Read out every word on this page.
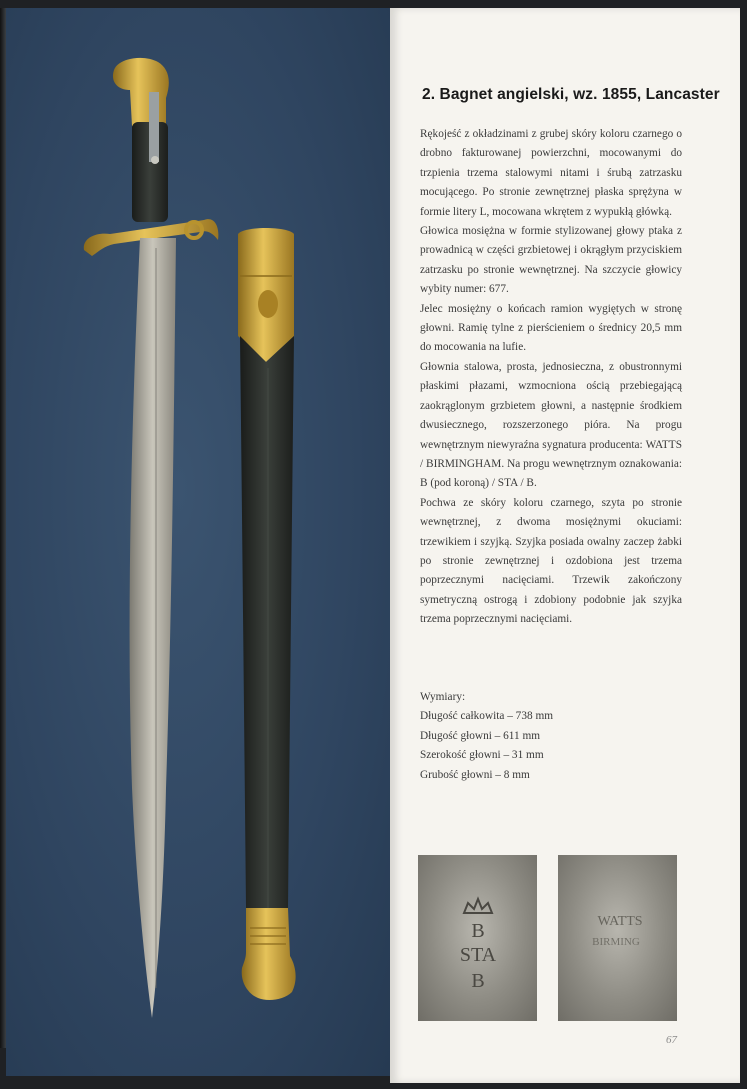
2. Bagnet angielski, wz. 1855, Lancaster

Rękojeść z okładzinami z grubej skóry koloru czarnego o drobno fakturowanej powierzchni, mocowanymi do trzpienia trzema stalowymi nitami i śrubą zatrzasku mocującego. Po stronie zewnętrznej płaska sprężyna w formie litery L, mocowana wkrętem z wypukłą główką.

Głowica mosiężna w formie stylizowanej głowy ptaka z prowadnicą w części grzbietowej i okrągłym przyciskiem zatrzasku po stronie wewnętrznej. Na szczycie głowicy wybity numer: 677.

Jelec mosiężny o końcach ramion wygiętych w stronę głowni. Ramię tylne z pierścieniem o średnicy 20,5 mm do mocowania na lufie.

Głownia stalowa, prosta, jednosieczna, z obustronnymi płaskimi płazami, wzmocniona ością przebiegającą zaokrąglonym grzbietem głowni, a następnie środkiem dwusiecznego, rozszerzonego pióra. Na progu wewnętrznym niewyraźna sygnatura producenta: WATTS / BIRMINGHAM. Na progu wewnętrznym oznakowania: B (pod koroną) / STA / B.

Pochwa ze skóry koloru czarnego, szyta po stronie wewnętrznej, z dwoma mosiężnymi okuciami: trzewikiem i szyjką. Szyjka posiada owalny zaczep żabki po stronie zewnętrznej i ozdobiona jest trzema poprzecznymi nacięciami. Trzewik zakończony symetryczną ostrogą i zdobiony podobnie jak szyjka trzema poprzecznymi nacięciami.

Wymiary:
Długość całkowita – 738 mm
Długość głowni – 611 mm
Szerokość głowni – 31 mm
Grubość głowni – 8 mm
B
STA
B
WATTS
BIRMING
67
